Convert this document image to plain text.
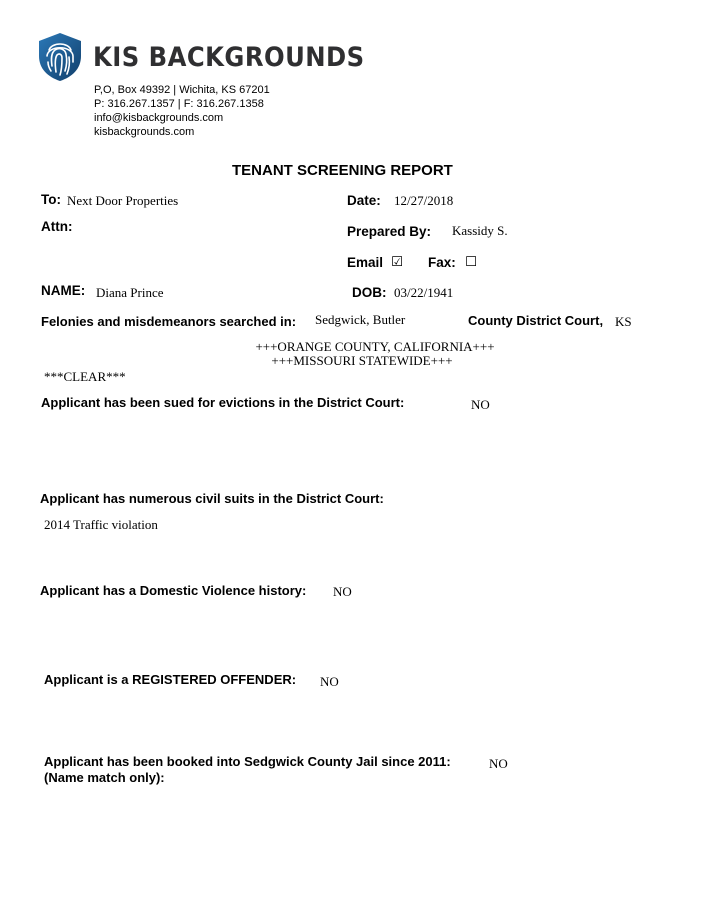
KIS BACKGROUNDS
P,O, Box 49392 | Wichita, KS 67201
P: 316.267.1357 | F: 316.267.1358
info@kisbackgrounds.com
kisbackgrounds.com
TENANT SCREENING REPORT
To: Next Door Properties	Date: 12/27/2018
Attn:	Prepared By: Kassidy S.
Email ☑ Fax: ☐
NAME: Diana Prince	DOB: 03/22/1941
Felonies and misdemeanors searched in: Sedgwick, Butler	County District Court, KS
+++ORANGE COUNTY, CALIFORNIA+++
+++MISSOURI STATEWIDE+++
***CLEAR***
Applicant has been sued for evictions in the District Court:	NO
Applicant has numerous civil suits in the District Court:
2014 Traffic violation
Applicant has a Domestic Violence history: NO
Applicant is a REGISTERED OFFENDER: NO
Applicant has been booked into Sedgwick County Jail since 2011:
(Name match only):
NO
